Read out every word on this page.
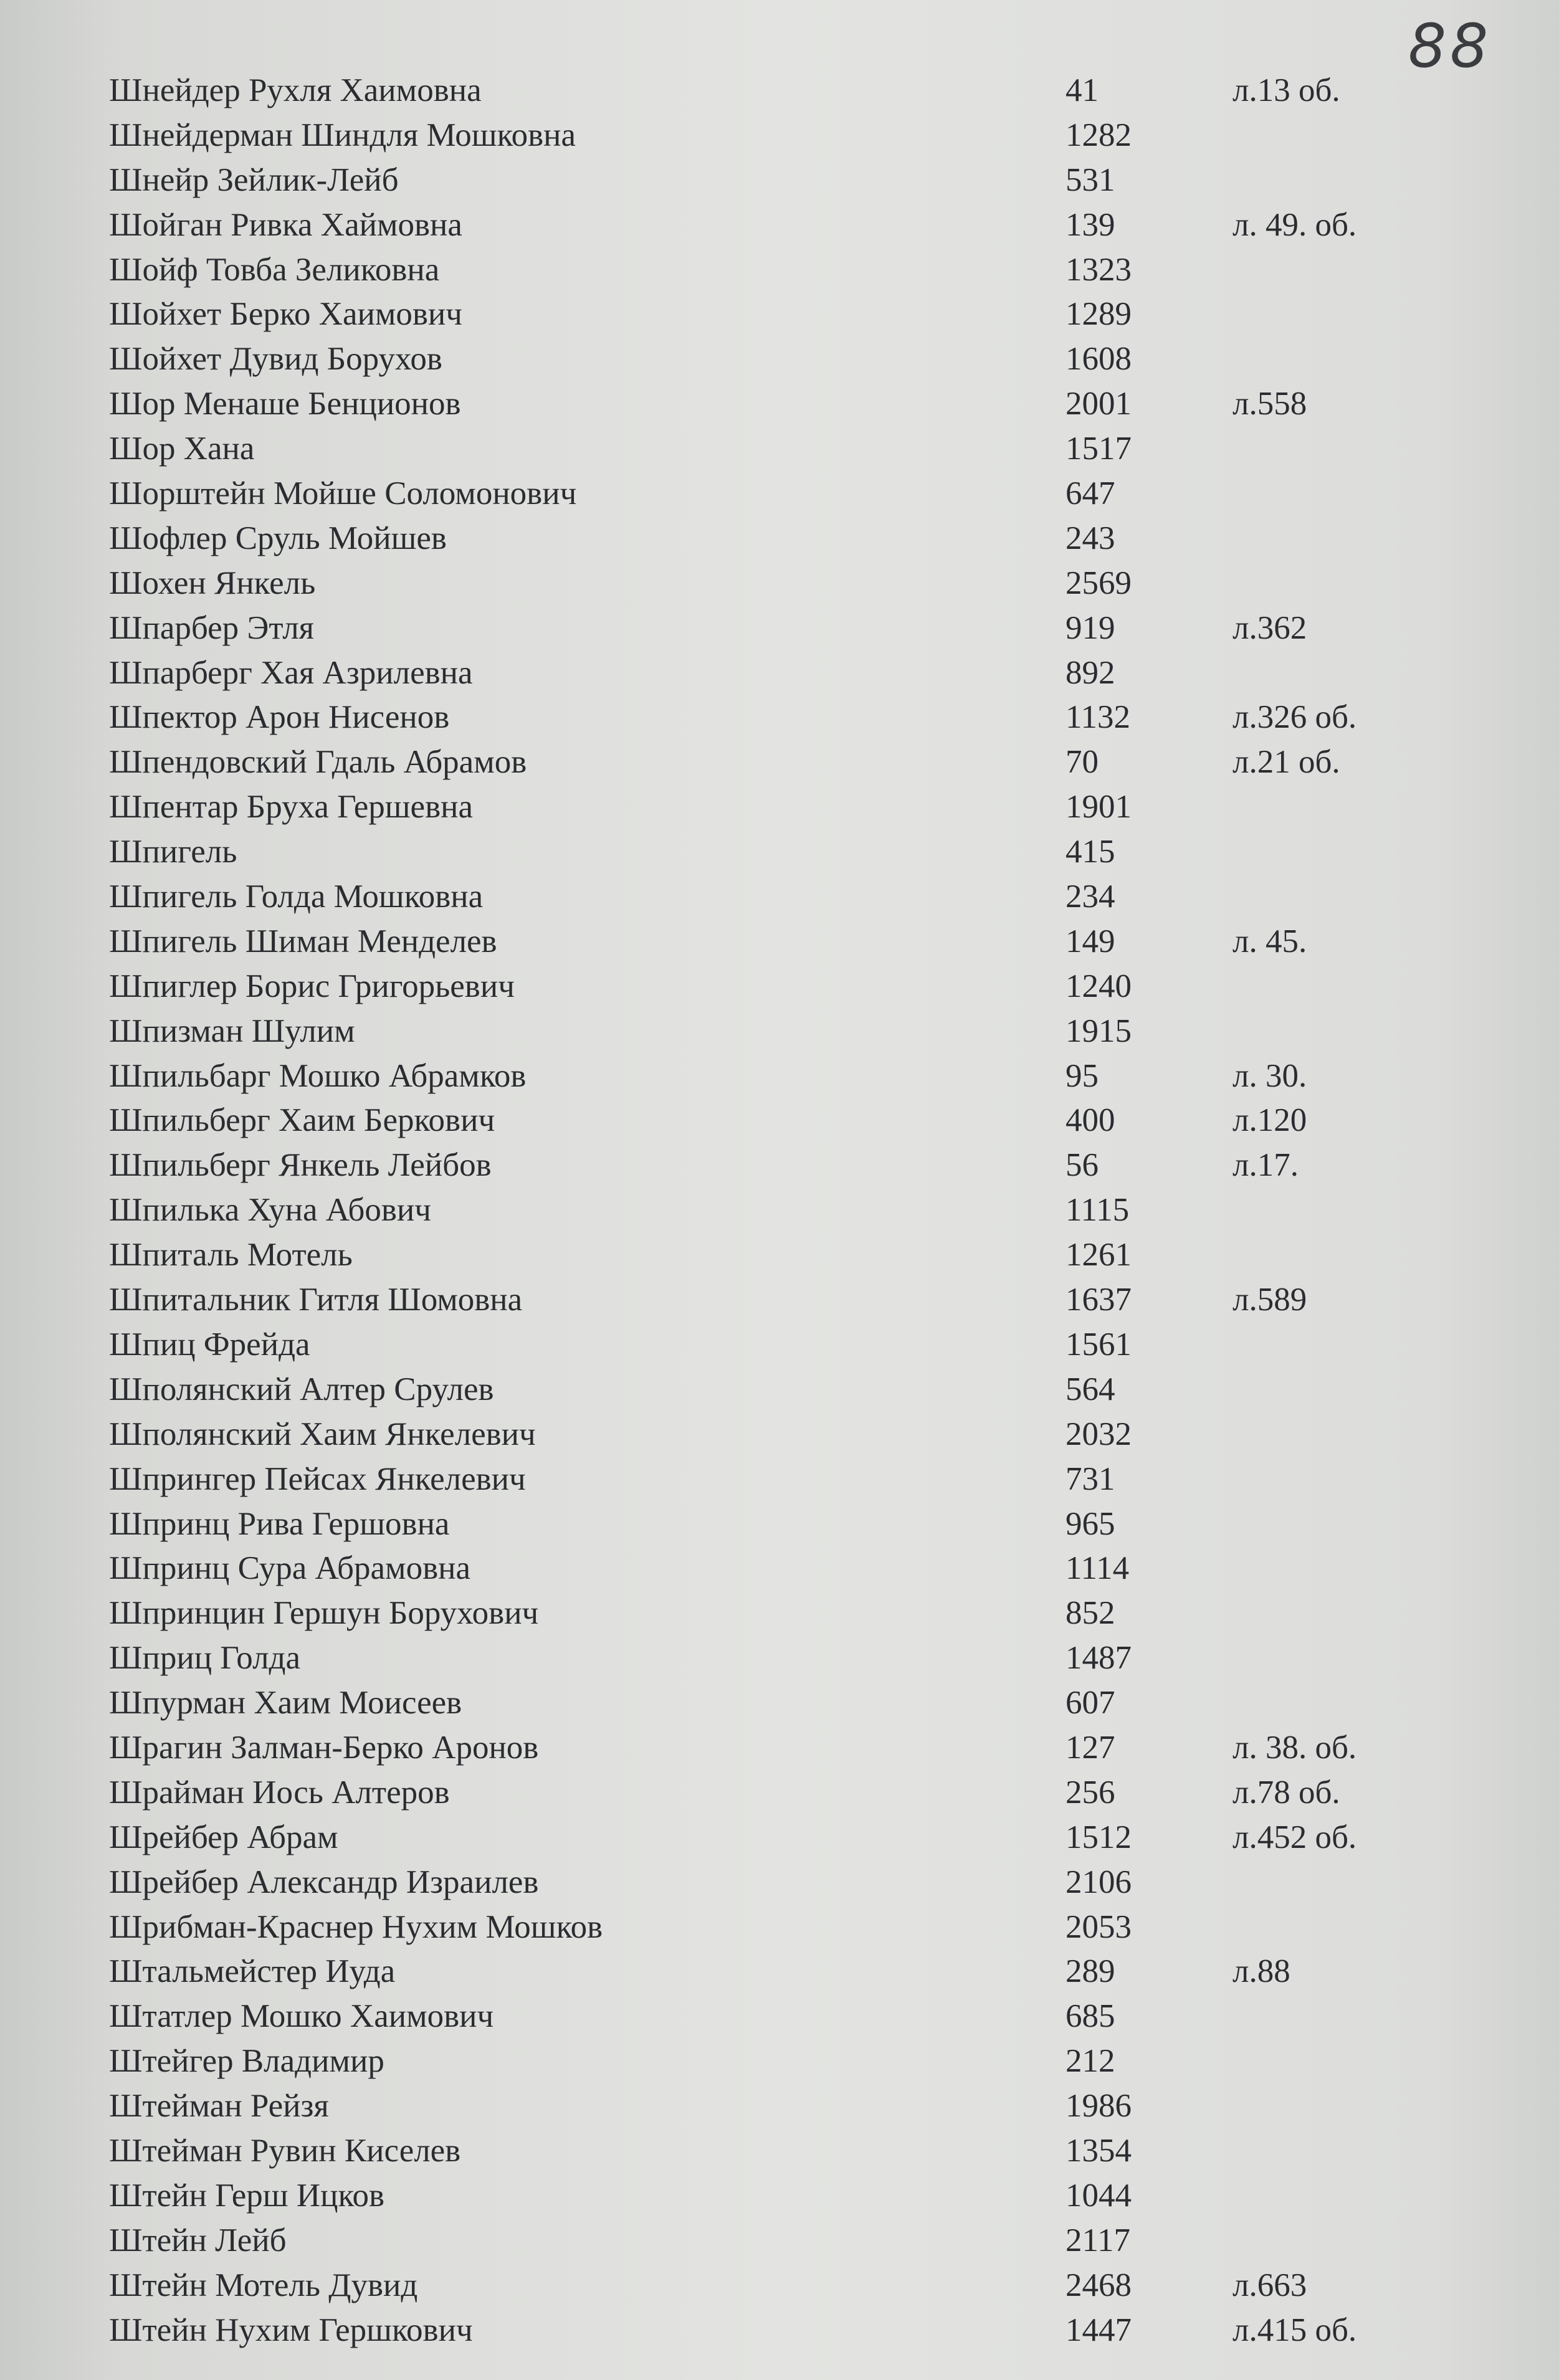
88
Шнейдер Рухля Хаимовна	41	л.13 об.
Шнейдерман Шиндля Мошковна	1282
Шнейр Зейлик-Лейб	531
Шойган Ривка Хаймовна	139	л. 49. об.
Шойф Товба Зеликовна	1323
Шойхет Берко Хаимович	1289
Шойхет Дувид Борухов	1608
Шор Менаше Бенционов	2001	л.558
Шор Хана	1517
Шорштейн Мойше Соломонович	647
Шофлер Сруль Мойшев	243
Шохен Янкель	2569
Шпарбер Этля	919	л.362
Шпарберг Хая Азрилевна	892
Шпектор Арон Нисенов	1132	л.326 об.
Шпендовский Гдаль Абрамов	70	л.21 об.
Шпентар Бруха Гершевна	1901
Шпигель	415
Шпигель Голда Мошковна	234
Шпигель Шиман Менделев	149	л. 45.
Шпиглер Борис Григорьевич	1240
Шпизман Шулим	1915
Шпильбарг Мошко Абрамков	95	л. 30.
Шпильберг Хаим Беркович	400	л.120
Шпильберг Янкель Лейбов	56	л.17.
Шпилька Хуна Абович	1115
Шпиталь Мотель	1261
Шпитальник Гитля Шомовна	1637	л.589
Шпиц Фрейда	1561
Шполянский Алтер Срулев	564
Шполянский Хаим Янкелевич	2032
Шпрингер Пейсах Янкелевич	731
Шпринц Рива Гершовна	965
Шпринц Сура Абрамовна	1114
Шпринцин Гершун Борухович	852
Шприц Голда	1487
Шпурман Хаим Моисеев	607
Шрагин Залман-Берко Аронов	127	л. 38. об.
Шрайман Иось Алтеров	256	л.78 об.
Шрейбер Абрам	1512	л.452 об.
Шрейбер Александр Израилев	2106
Шрибман-Краснер Нухим Мошков	2053
Штальмейстер Иуда	289	л.88
Штатлер Мошко Хаимович	685
Штейгер Владимир	212
Штейман Рейзя	1986
Штейман Рувин Киселев	1354
Штейн Герш Ицков	1044
Штейн Лейб	2117
Штейн Мотель Дувид	2468	л.663
Штейн Нухим Гершкович	1447	л.415 об.
